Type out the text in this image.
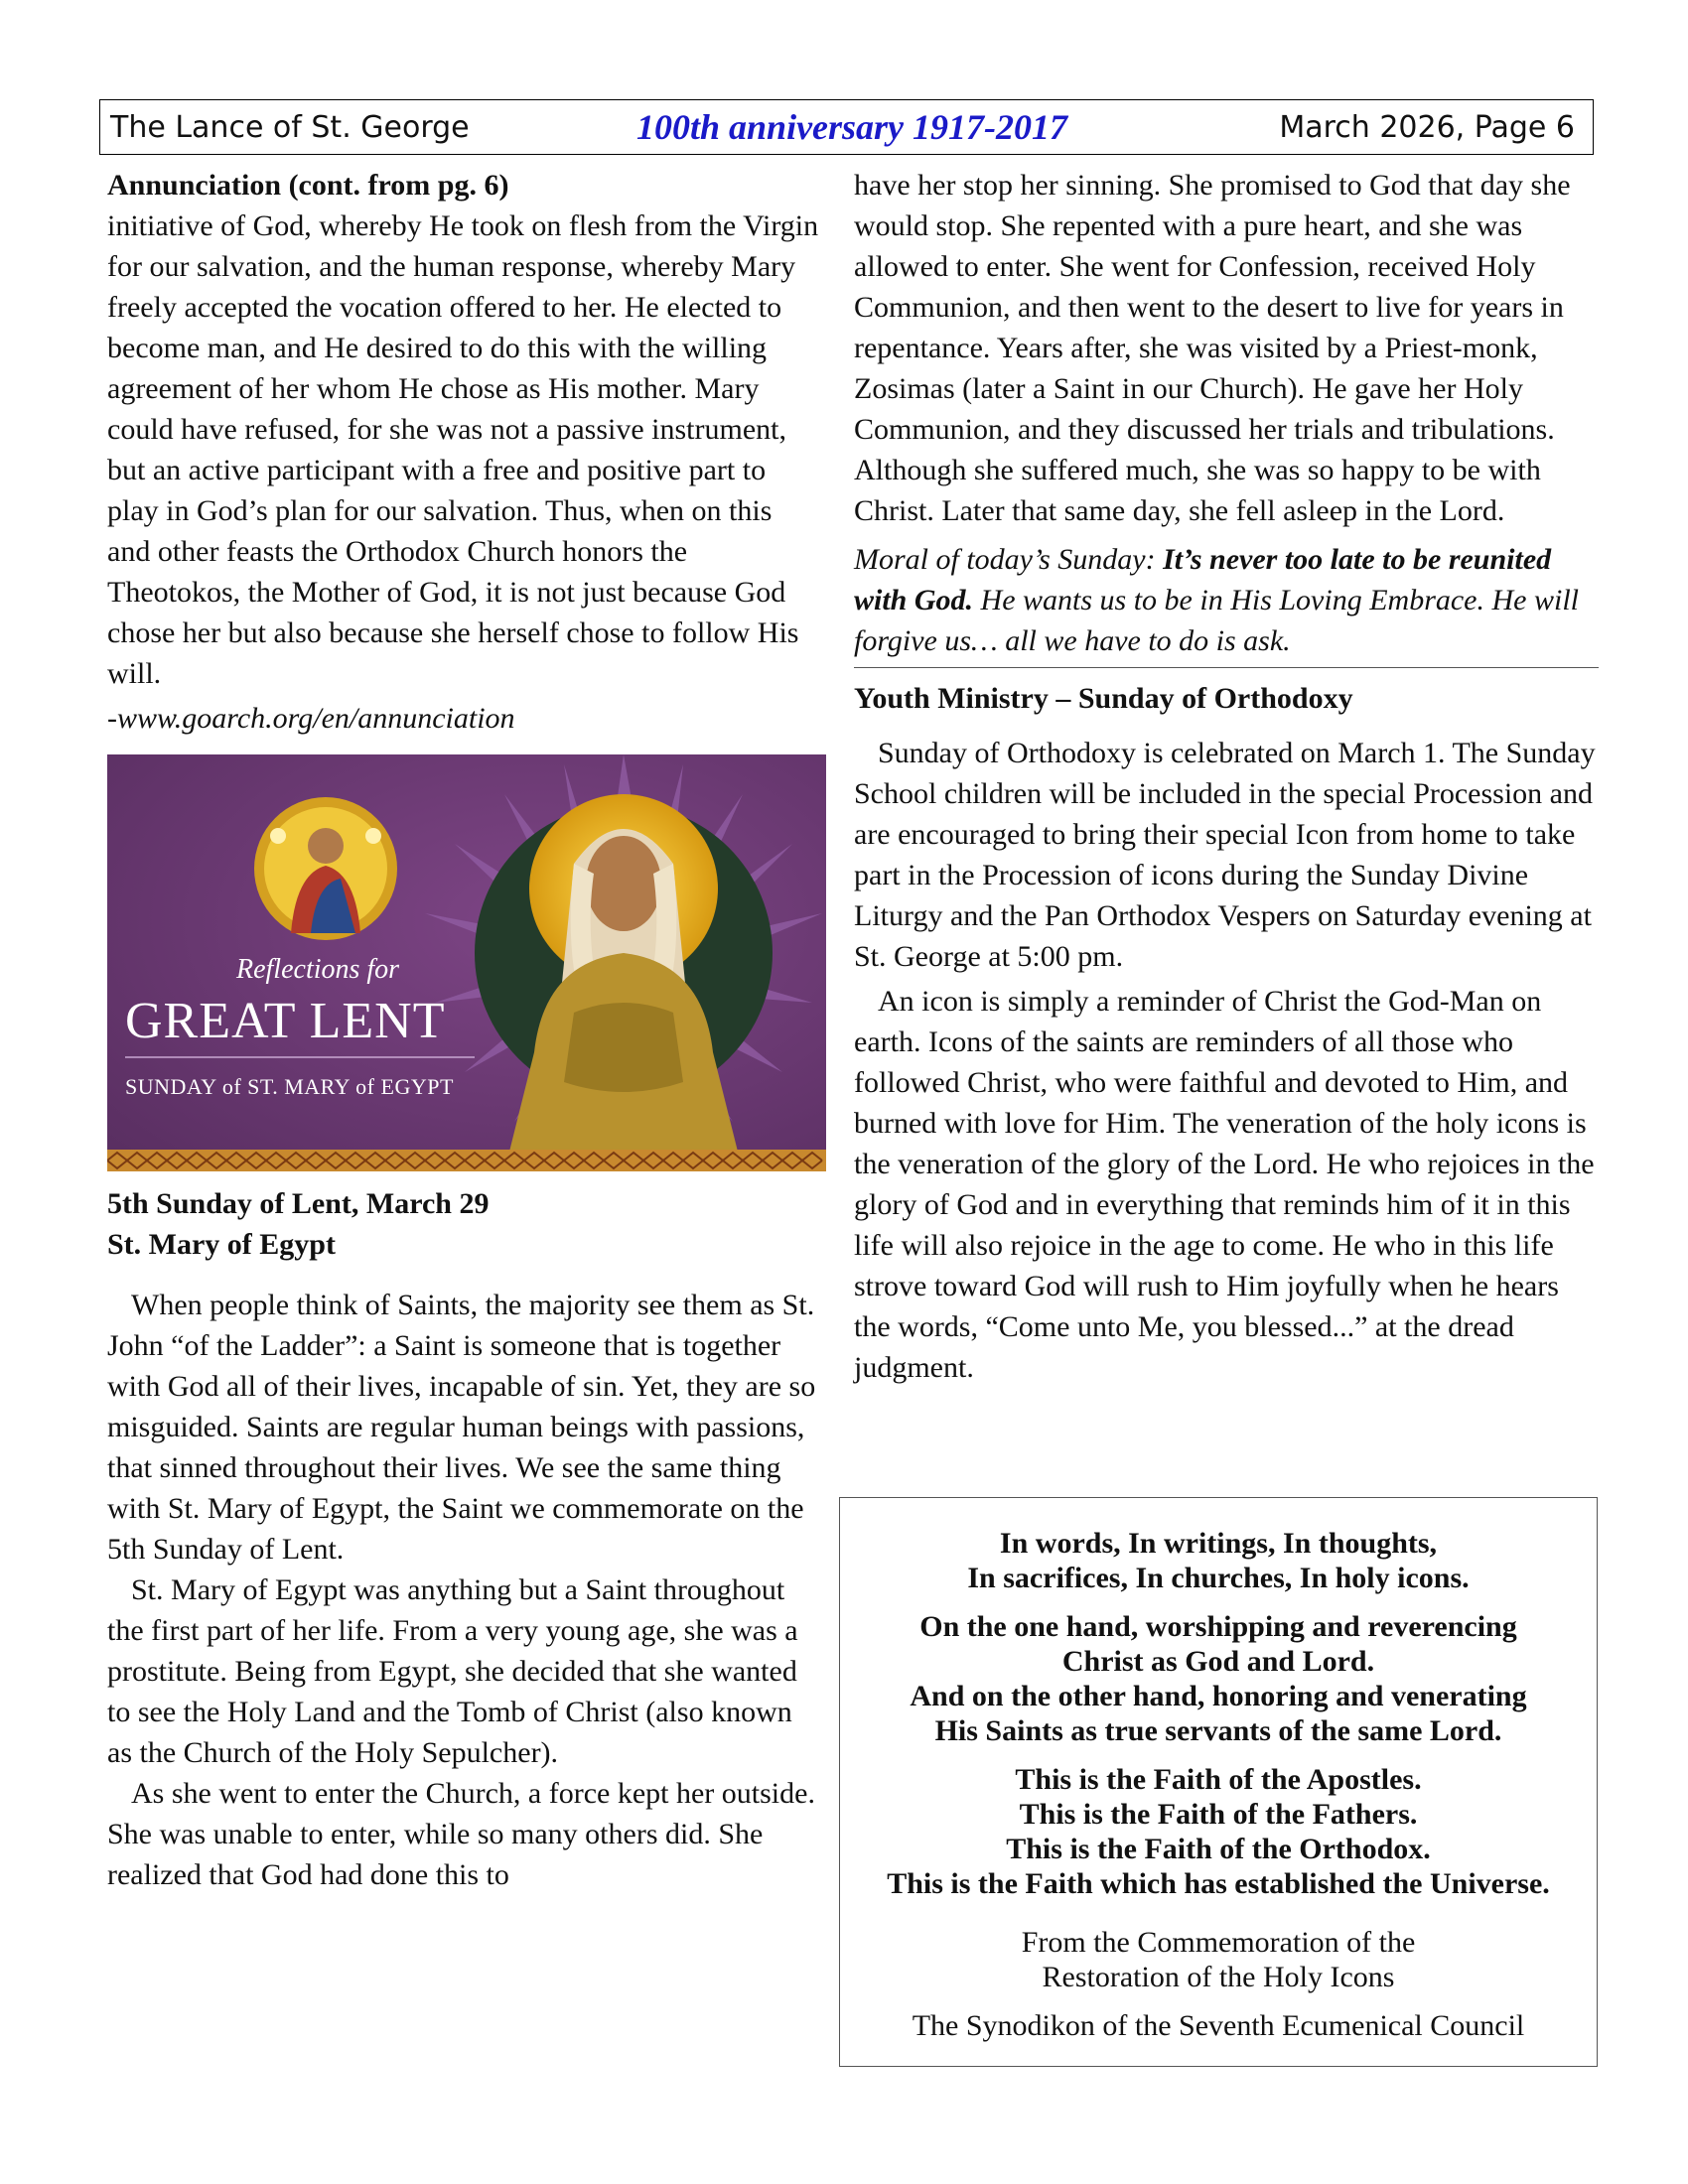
The Lance of St. George	100th anniversary 1917-2017	March 2026, Page 6

Annunciation (cont. from pg. 6)

initiative of God, whereby He took on flesh from the Virgin for our salvation, and the human response, whereby Mary freely accepted the vocation offered to her. He elected to become man, and He desired to do this with the willing agreement of her whom He chose as His mother. Mary could have refused, for she was not a passive instrument, but an active participant with a free and positive part to play in God’s plan for our salvation. Thus, when on this and other feasts the Orthodox Church honors the Theotokos, the Mother of God, it is not just because God chose her but also because she herself chose to follow His will.

-www.goarch.org/en/annunciation

Reflections for
GREAT LENT
SUNDAY of ST. MARY of EGYPT

5th Sunday of Lent, March 29

St. Mary of Egypt

When people think of Saints, the majority see them as St. John “of the Ladder”: a Saint is someone that is together with God all of their lives, incapable of sin. Yet, they are so misguided. Saints are regular human beings with passions, that sinned throughout their lives. We see the same thing with St. Mary of Egypt, the Saint we commemorate on the 5th Sunday of Lent.

St. Mary of Egypt was anything but a Saint throughout the first part of her life. From a very young age, she was a prostitute. Being from Egypt, she decided that she wanted to see the Holy Land and the Tomb of Christ (also known as the Church of the Holy Sepulcher).

As she went to enter the Church, a force kept her outside. She was unable to enter, while so many others did. She realized that God had done this to

have her stop her sinning. She promised to God that day she would stop. She repented with a pure heart, and she was allowed to enter. She went for Confession, received Holy Communion, and then went to the desert to live for years in repentance. Years after, she was visited by a Priest-monk, Zosimas (later a Saint in our Church). He gave her Holy Communion, and they discussed her trials and tribulations. Although she suffered much, she was so happy to be with Christ. Later that same day, she fell asleep in the Lord.

Moral of today’s Sunday: It’s never too late to be reunited with God. He wants us to be in His Loving Embrace. He will forgive us… all we have to do is ask.

Youth Ministry – Sunday of Orthodoxy

Sunday of Orthodoxy is celebrated on March 1. The Sunday School children will be included in the special Procession and are encouraged to bring their special Icon from home to take part in the Procession of icons during the Sunday Divine Liturgy and the Pan Orthodox Vespers on Saturday evening at St. George at 5:00 pm.

An icon is simply a reminder of Christ the God-Man on earth. Icons of the saints are reminders of all those who followed Christ, who were faithful and devoted to Him, and burned with love for Him. The veneration of the holy icons is the veneration of the glory of the Lord. He who rejoices in the glory of God and in everything that reminds him of it in this life will also rejoice in the age to come. He who in this life strove toward God will rush to Him joyfully when he hears the words, “Come unto Me, you blessed...” at the dread judgment.

In words, In writings, In thoughts,
In sacrifices, In churches, In holy icons.
On the one hand, worshipping and reverencing
Christ as God and Lord.
And on the other hand, honoring and venerating
His Saints as true servants of the same Lord.
This is the Faith of the Apostles.
This is the Faith of the Fathers.
This is the Faith of the Orthodox.
This is the Faith which has established the Universe.
From the Commemoration of the
Restoration of the Holy Icons
The Synodikon of the Seventh Ecumenical Council
